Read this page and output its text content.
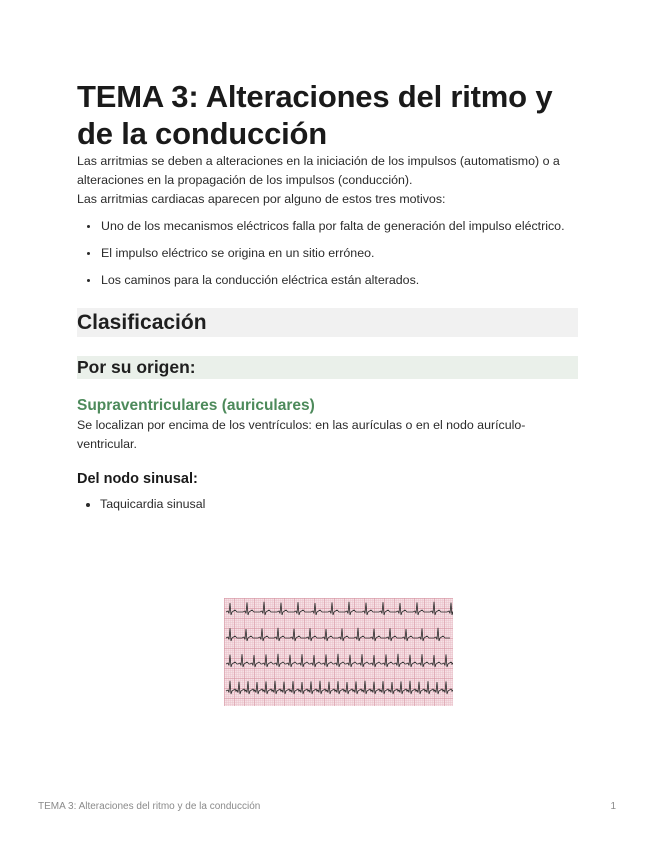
TEMA 3: Alteraciones del ritmo y de la conducción

Las arritmias se deben a alteraciones en la iniciación de los impulsos (automatismo) o a alteraciones en la propagación de los impulsos (conducción).

Las arritmias cardiacas aparecen por alguno de estos tres motivos:

• Uno de los mecanismos eléctricos falla por falta de generación del impulso eléctrico.
• El impulso eléctrico se origina en un sitio erróneo.
• Los caminos para la conducción eléctrica están alterados.
Clasificación
Por su origen:
Supraventriculares (auriculares)

Se localizan por encima de los ventrículos: en las aurículas o en el nodo aurículo-ventricular.

Del nodo sinusal:
• Taquicardia sinusal
TEMA 3: Alteraciones del ritmo y de la conducción	1
